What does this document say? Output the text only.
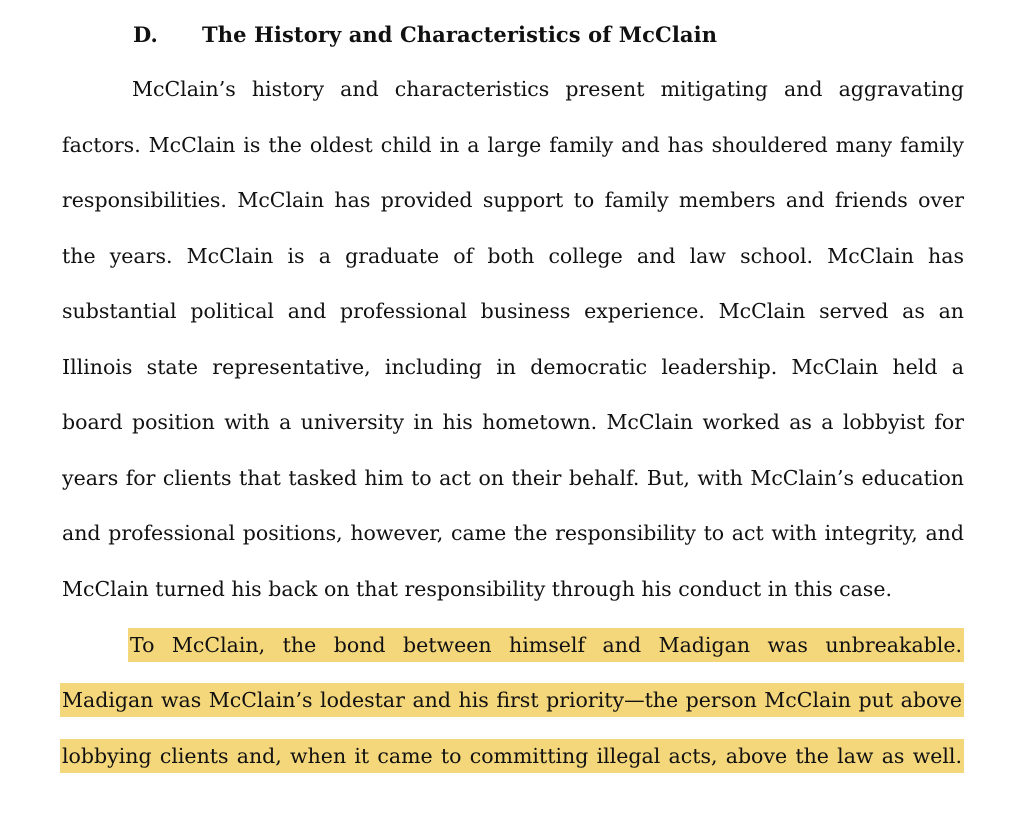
D.	The History and Characteristics of McClain
McClain’s history and characteristics present mitigating and aggravating
factors. McClain is the oldest child in a large family and has shouldered many family
responsibilities. McClain has provided support to family members and friends over
the years. McClain is a graduate of both college and law school. McClain has
substantial political and professional business experience. McClain served as an
Illinois state representative, including in democratic leadership. McClain held a
board position with a university in his hometown. McClain worked as a lobbyist for
years for clients that tasked him to act on their behalf. But, with McClain’s education
and professional positions, however, came the responsibility to act with integrity, and
McClain turned his back on that responsibility through his conduct in this case.
To McClain, the bond between himself and Madigan was unbreakable.
Madigan was McClain’s lodestar and his first priority—the person McClain put above
lobbying clients and, when it came to committing illegal acts, above the law as well.
